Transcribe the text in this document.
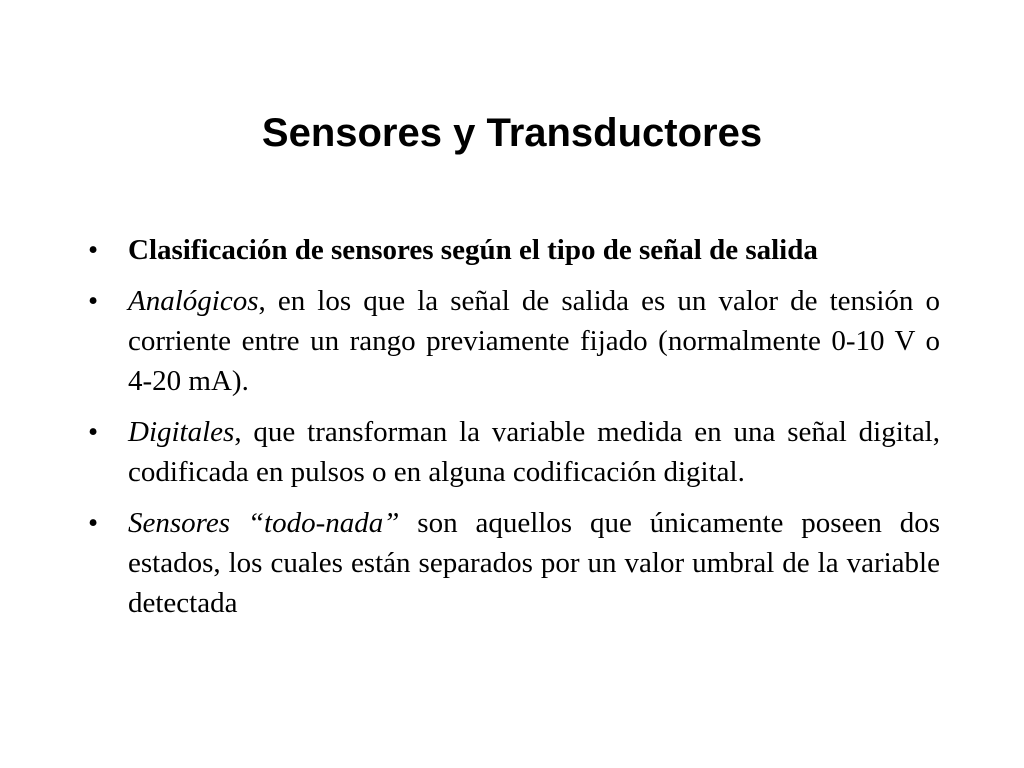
Sensores y Transductores
•	Clasificación de sensores según el tipo de señal de salida
•	Analógicos, en los que la señal de salida es un valor de tensión o corriente entre un rango previamente fijado (normalmente 0-10 V o 4-20 mA).
•	Digitales, que transforman la variable medida en una señal digital, codificada en pulsos o en alguna codificación digital.
•	Sensores “todo-nada” son aquellos que únicamente poseen dos estados, los cuales están separados por un valor umbral de la variable detectada
